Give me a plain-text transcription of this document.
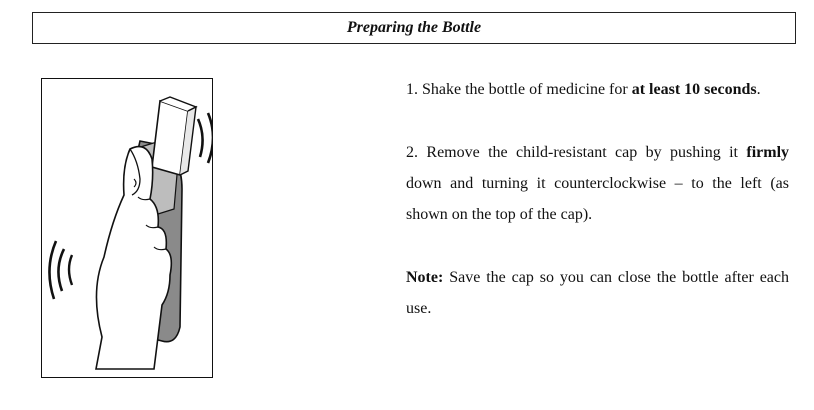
Preparing the Bottle

1. Shake the bottle of medicine for at least 10 seconds.

2. Remove the child-resistant cap by pushing it firmly down and turning it counterclockwise – to the left (as shown on the top of the cap).

Note: Save the cap so you can close the bottle after each use.
